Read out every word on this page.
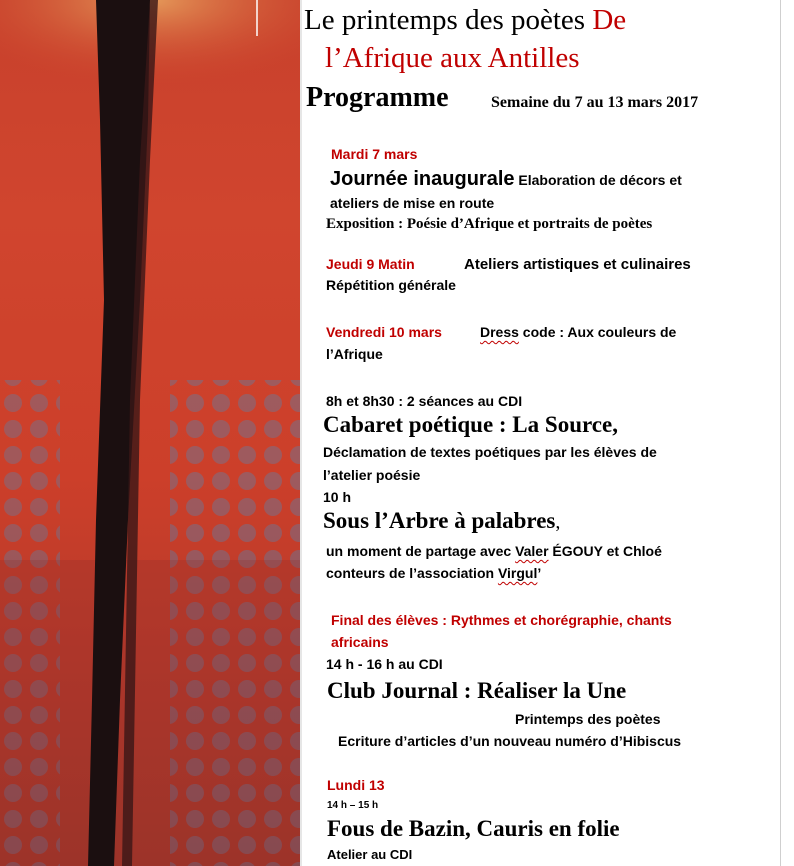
Le printemps des poètes De
l’Afrique aux Antilles
Programme	Semaine du 7 au 13 mars 2017
Mardi 7 mars
Journée inaugurale Elaboration de décors et
ateliers de mise en route
Exposition : Poésie d’Afrique et portraits de poètes
Jeudi 9 Matin	Ateliers artistiques et culinaires
Répétition générale
Vendredi 10 mars	Dress code : Aux couleurs de
l’Afrique
8h et 8h30 : 2 séances au CDI
Cabaret poétique : La Source,
Déclamation de textes poétiques par les élèves de
l’atelier poésie
10 h
Sous l’Arbre à palabres,
un moment de partage avec Valer ÉGOUY et Chloé
conteurs de l’association Virgul’
Final des élèves : Rythmes et chorégraphie, chants
africains
14 h - 16 h au CDI
Club Journal : Réaliser la Une
Printemps des poètes
Ecriture d’articles d’un nouveau numéro d’Hibiscus
Lundi 13
14 h – 15 h
Fous de Bazin, Cauris en folie
Atelier au CDI
